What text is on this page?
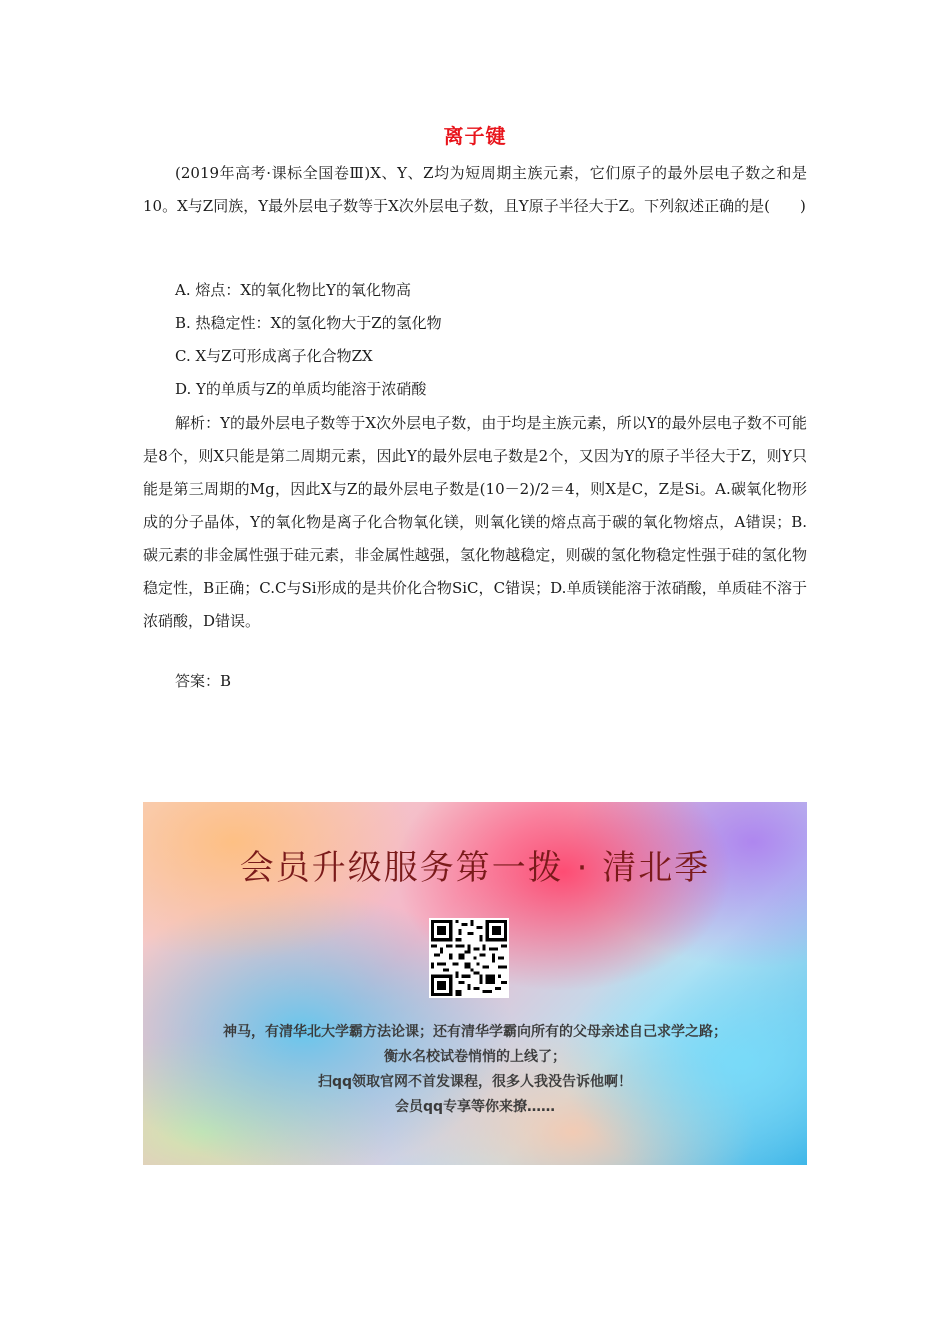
离子键

(2019年高考·课标全国卷Ⅲ)X、Y、Z均为短周期主族元素，它们原子的最外层电子数之和是10。X与Z同族，Y最外层电子数等于X次外层电子数，且Y原子半径大于Z。下列叙述正确的是(　　)

A. 熔点：X的氧化物比Y的氧化物高
B. 热稳定性：X的氢化物大于Z的氢化物
C. X与Z可形成离子化合物ZX
D. Y的单质与Z的单质均能溶于浓硝酸

解析：Y的最外层电子数等于X次外层电子数，由于均是主族元素，所以Y的最外层电子数不可能是8个，则X只能是第二周期元素，因此Y的最外层电子数是2个，又因为Y的原子半径大于Z，则Y只能是第三周期的Mg，因此X与Z的最外层电子数是(10－2)/2＝4，则X是C，Z是Si。A.碳氧化物形成的分子晶体，Y的氧化物是离子化合物氧化镁，则氧化镁的熔点高于碳的氧化物熔点，A错误；B.碳元素的非金属性强于硅元素，非金属性越强，氢化物越稳定，则碳的氢化物稳定性强于硅的氢化物稳定性，B正确；C.C与Si形成的是共价化合物SiC，C错误；D.单质镁能溶于浓硝酸，单质硅不溶于浓硝酸，D错误。

答案：B
会员升级服务第一拨 · 清北季
神马，有清华北大学霸方法论课；还有清华学霸向所有的父母亲述自己求学之路；
衡水名校试卷悄悄的上线了；
扫qq领取官网不首发课程，很多人我没告诉他啊！
会员qq专享等你来撩……
